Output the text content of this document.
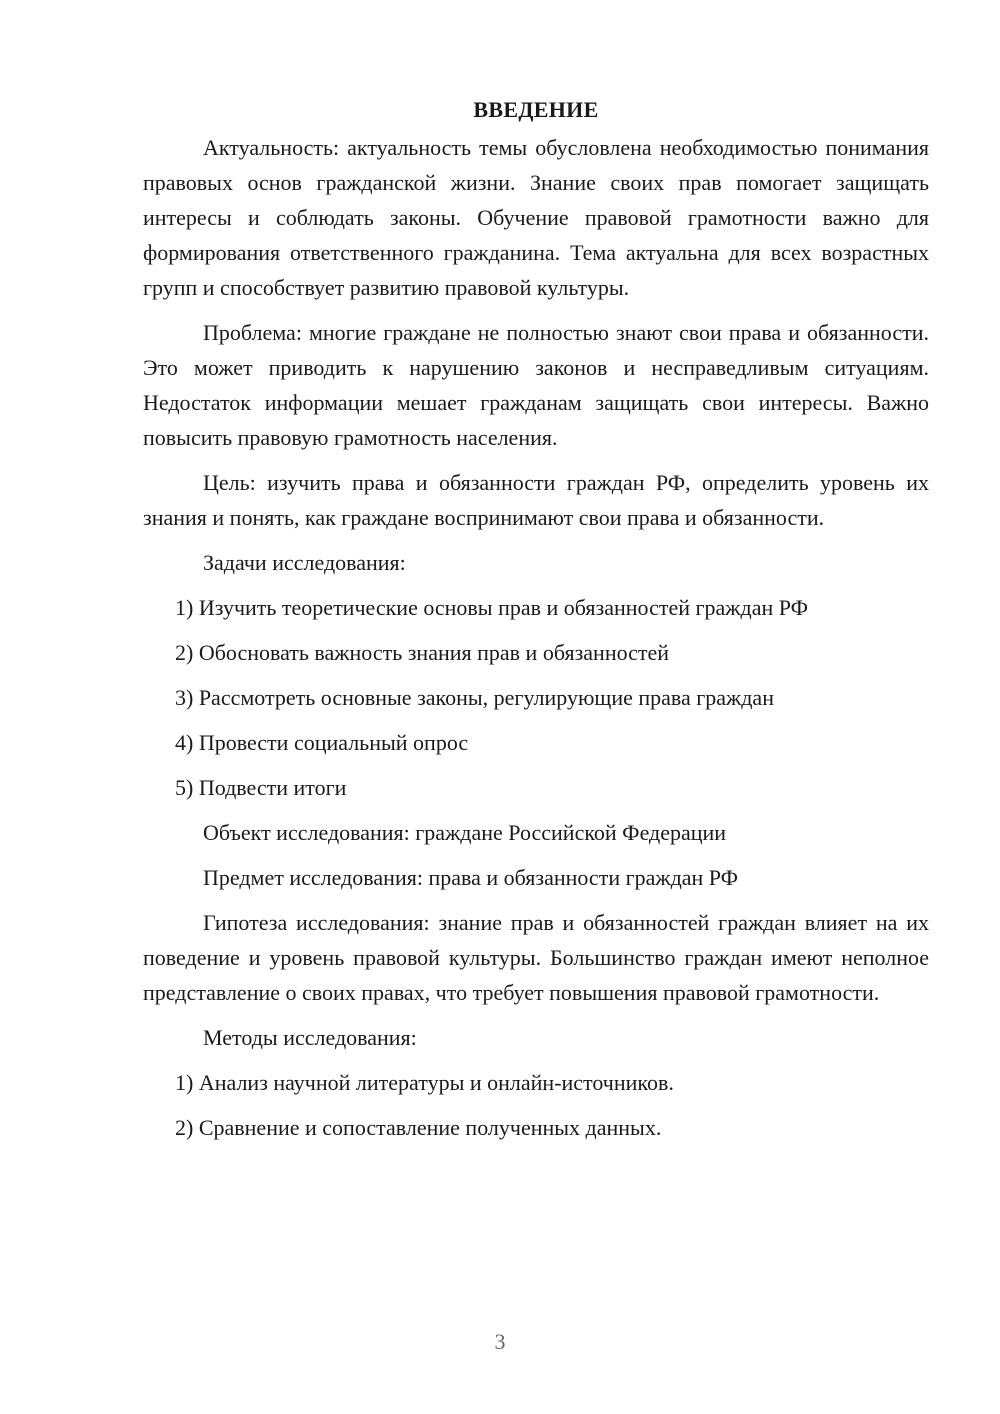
ВВЕДЕНИЕ

Актуальность: актуальность темы обусловлена необходимостью понимания правовых основ гражданской жизни. Знание своих прав помогает защищать интересы и соблюдать законы. Обучение правовой грамотности важно для формирования ответственного гражданина. Тема актуальна для всех возрастных групп и способствует развитию правовой культуры.

Проблема: многие граждане не полностью знают свои права и обязанности. Это может приводить к нарушению законов и несправедливым ситуациям. Недостаток информации мешает гражданам защищать свои интересы. Важно повысить правовую грамотность населения.

Цель: изучить права и обязанности граждан РФ, определить уровень их знания и понять, как граждане воспринимают свои права и обязанности.

Задачи исследования:
1) Изучить теоретические основы прав и обязанностей граждан РФ
2) Обосновать важность знания прав и обязанностей
3) Рассмотреть основные законы, регулирующие права граждан
4) Провести социальный опрос
5) Подвести итоги
Объект исследования: граждане Российской Федерации
Предмет исследования: права и обязанности граждан РФ

Гипотеза исследования: знание прав и обязанностей граждан влияет на их поведение и уровень правовой культуры. Большинство граждан имеют неполное представление о своих правах, что требует повышения правовой грамотности.

Методы исследования:
1) Анализ научной литературы и онлайн-источников.
2) Сравнение и сопоставление полученных данных.
3
